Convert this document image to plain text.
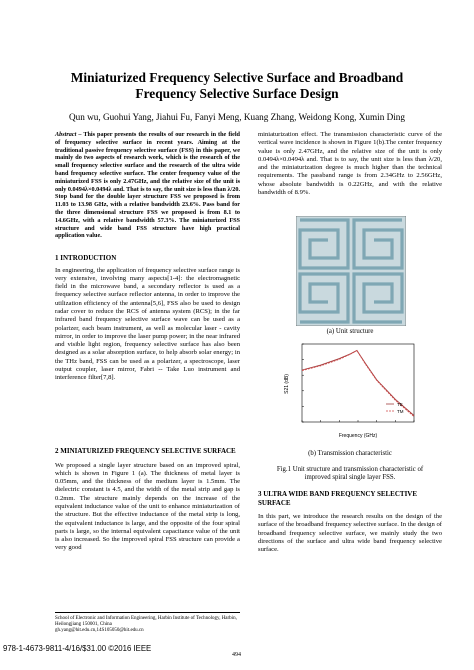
Miniaturized Frequency Selective Surface and Broadband
Frequency Selective Surface Design
Qun wu, Guohui Yang, Jiahui Fu, Fanyi Meng, Kuang Zhang, Weidong Kong, Xumin Ding
Abstract – This paper presents the results of our research in the field of frequency selective surface in recent years. Aiming at the traditional passive frequency selective surface (FSS) in this paper, we mainly do two aspects of research work, which is the research of the small frequency selective surface and the research of the ultra wide band frequency selective surface. The center frequency value of the miniaturized FSS is only 2.47GHz, and the relative size of the unit is only 0.0494λ×0.0494λ and. That is to say, the unit size is less than λ/20. Stop band for the double layer structure FSS we proposed is from 11.03 to 13.98 GHz, with a relative bandwidth 23.6%. Pass band for the three dimensional structure FSS we proposed is from 8.1 to 14.6GHz, with a relative bandwidth 57.3%. The miniaturized FSS structure and wide band FSS structure have high practical application value.

1 INTRODUCTION

In engineering, the application of frequency selective surface range is very extensive, involving many aspects[1-4]: the electromagnetic field in the microwave band, a secondary reflector is used as a frequency selective surface reflector antenna, in order to improve the utilization efficiency of the antenna[5,6], FSS also be used to design radar cover to reduce the RCS of antenna system (RCS); in the far infrared band frequency selective surface wave can be used as a polarizer, each beam instrument, as well as molecular laser - cavity mirror, in order to improve the laser pump power; in the near infrared and visible light region, frequency selective surface has also been designed as a solar absorption surface, to help absorb solar energy; in the THz band, FSS can be used as a polarizer, a spectroscope, laser output coupler, laser mirror, Fabri -- Take Luo instrument and interference filter[7,8].

2 MINIATURIZED FREQUENCY SELECTIVE SURFACE

We proposed a single layer structure based on an improved spiral, which is shown in Figure 1 (a). The thickness of metal layer is 0.05mm, and the thickness of the medium layer is 1.5mm. The dielectric constant is 4.5, and the width of the metal strip and gap is 0.2mm. The structure mainly depends on the increase of the equivalent inductance value of the unit to enhance miniaturization of the structure. But the effective inductance of the metal strip is long, the equivalent inductance is large, and the opposite of the four spiral parts is large, so the internal equivalent capacitance value of the unit is also increased. So the improved spiral FSS structure can provide a very good

School of Electronic and Information Engineering, Harbin Institute of Technology, Harbin,
Heilongjiang 150001, China
gh.yang@hit.edu.cn,14S105050@hit.edu.cn
miniaturization effect. The transmission characteristic curve of the vertical wave incidence is shown in Figure 1(b).The center frequency value is only 2.47GHz, and the relative size of the unit is only 0.0494λ×0.0494λ and. That is to say, the unit size is less than λ/20, and the miniaturization degree is much higher than the technical requirements. The passband range is from 2.34GHz to 2.56GHz, whose absolute bandwidth is 0.22GHz, and with the relative bandwidth of 8.9%.
(a) Unit structure
Frequency (GHz)
S21 (dB)
TE
TM
(b) Transmission characteristic
Fig.1 Unit structure and transmission characteristic of improved spiral single layer FSS.

3 ULTRA WIDE BAND FREQUENCY SELECTIVE SURFACE

In this part, we introduce the research results on the design of the surface of the broadband frequency selective surface. In the design of broadband frequency selective surface, we mainly study the two directions of the surface and ultra wide band frequency selective surface.

978-1-4673-9811-4/16/$31.00 ©2016 IEEE
494
